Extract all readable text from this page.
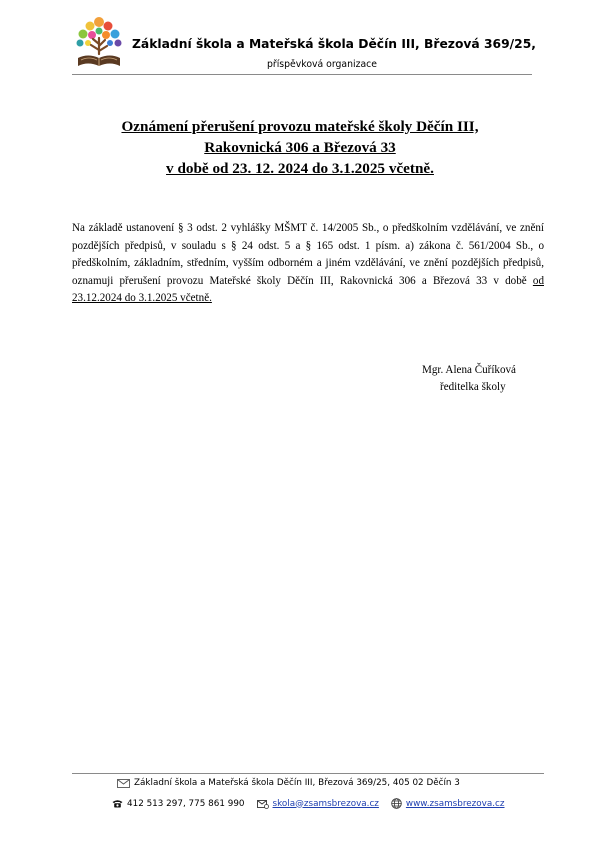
Základní škola a Mateřská škola Děčín III, Březová 369/25,
příspěvková organizace
Oznámení přerušení provozu mateřské školy Děčín III,
Rakovnická 306 a Březová 33
v době od 23. 12. 2024 do 3.1.2025 včetně.
Na základě ustanovení § 3 odst. 2 vyhlášky MŠMT č. 14/2005 Sb., o předškolním vzdělávání, ve znění pozdějších předpisů, v souladu s § 24 odst. 5 a § 165 odst. 1 písm. a) zákona č. 561/2004 Sb., o předškolním, základním, středním, vyšším odborném a jiném vzdělávání, ve znění pozdějších předpisů, oznamuji přerušení provozu Mateřské školy Děčín III, Rakovnická 306 a Březová 33 v době od 23.12.2024 do 3.1.2025 včetně.
Mgr. Alena Čuříková
ředitelka školy
Základní škola a Mateřská škola Děčín III, Březová 369/25, 405 02 Děčín 3
412 513 297, 775 861 990	skola@zsamsbrezova.cz	www.zsamsbrezova.cz
